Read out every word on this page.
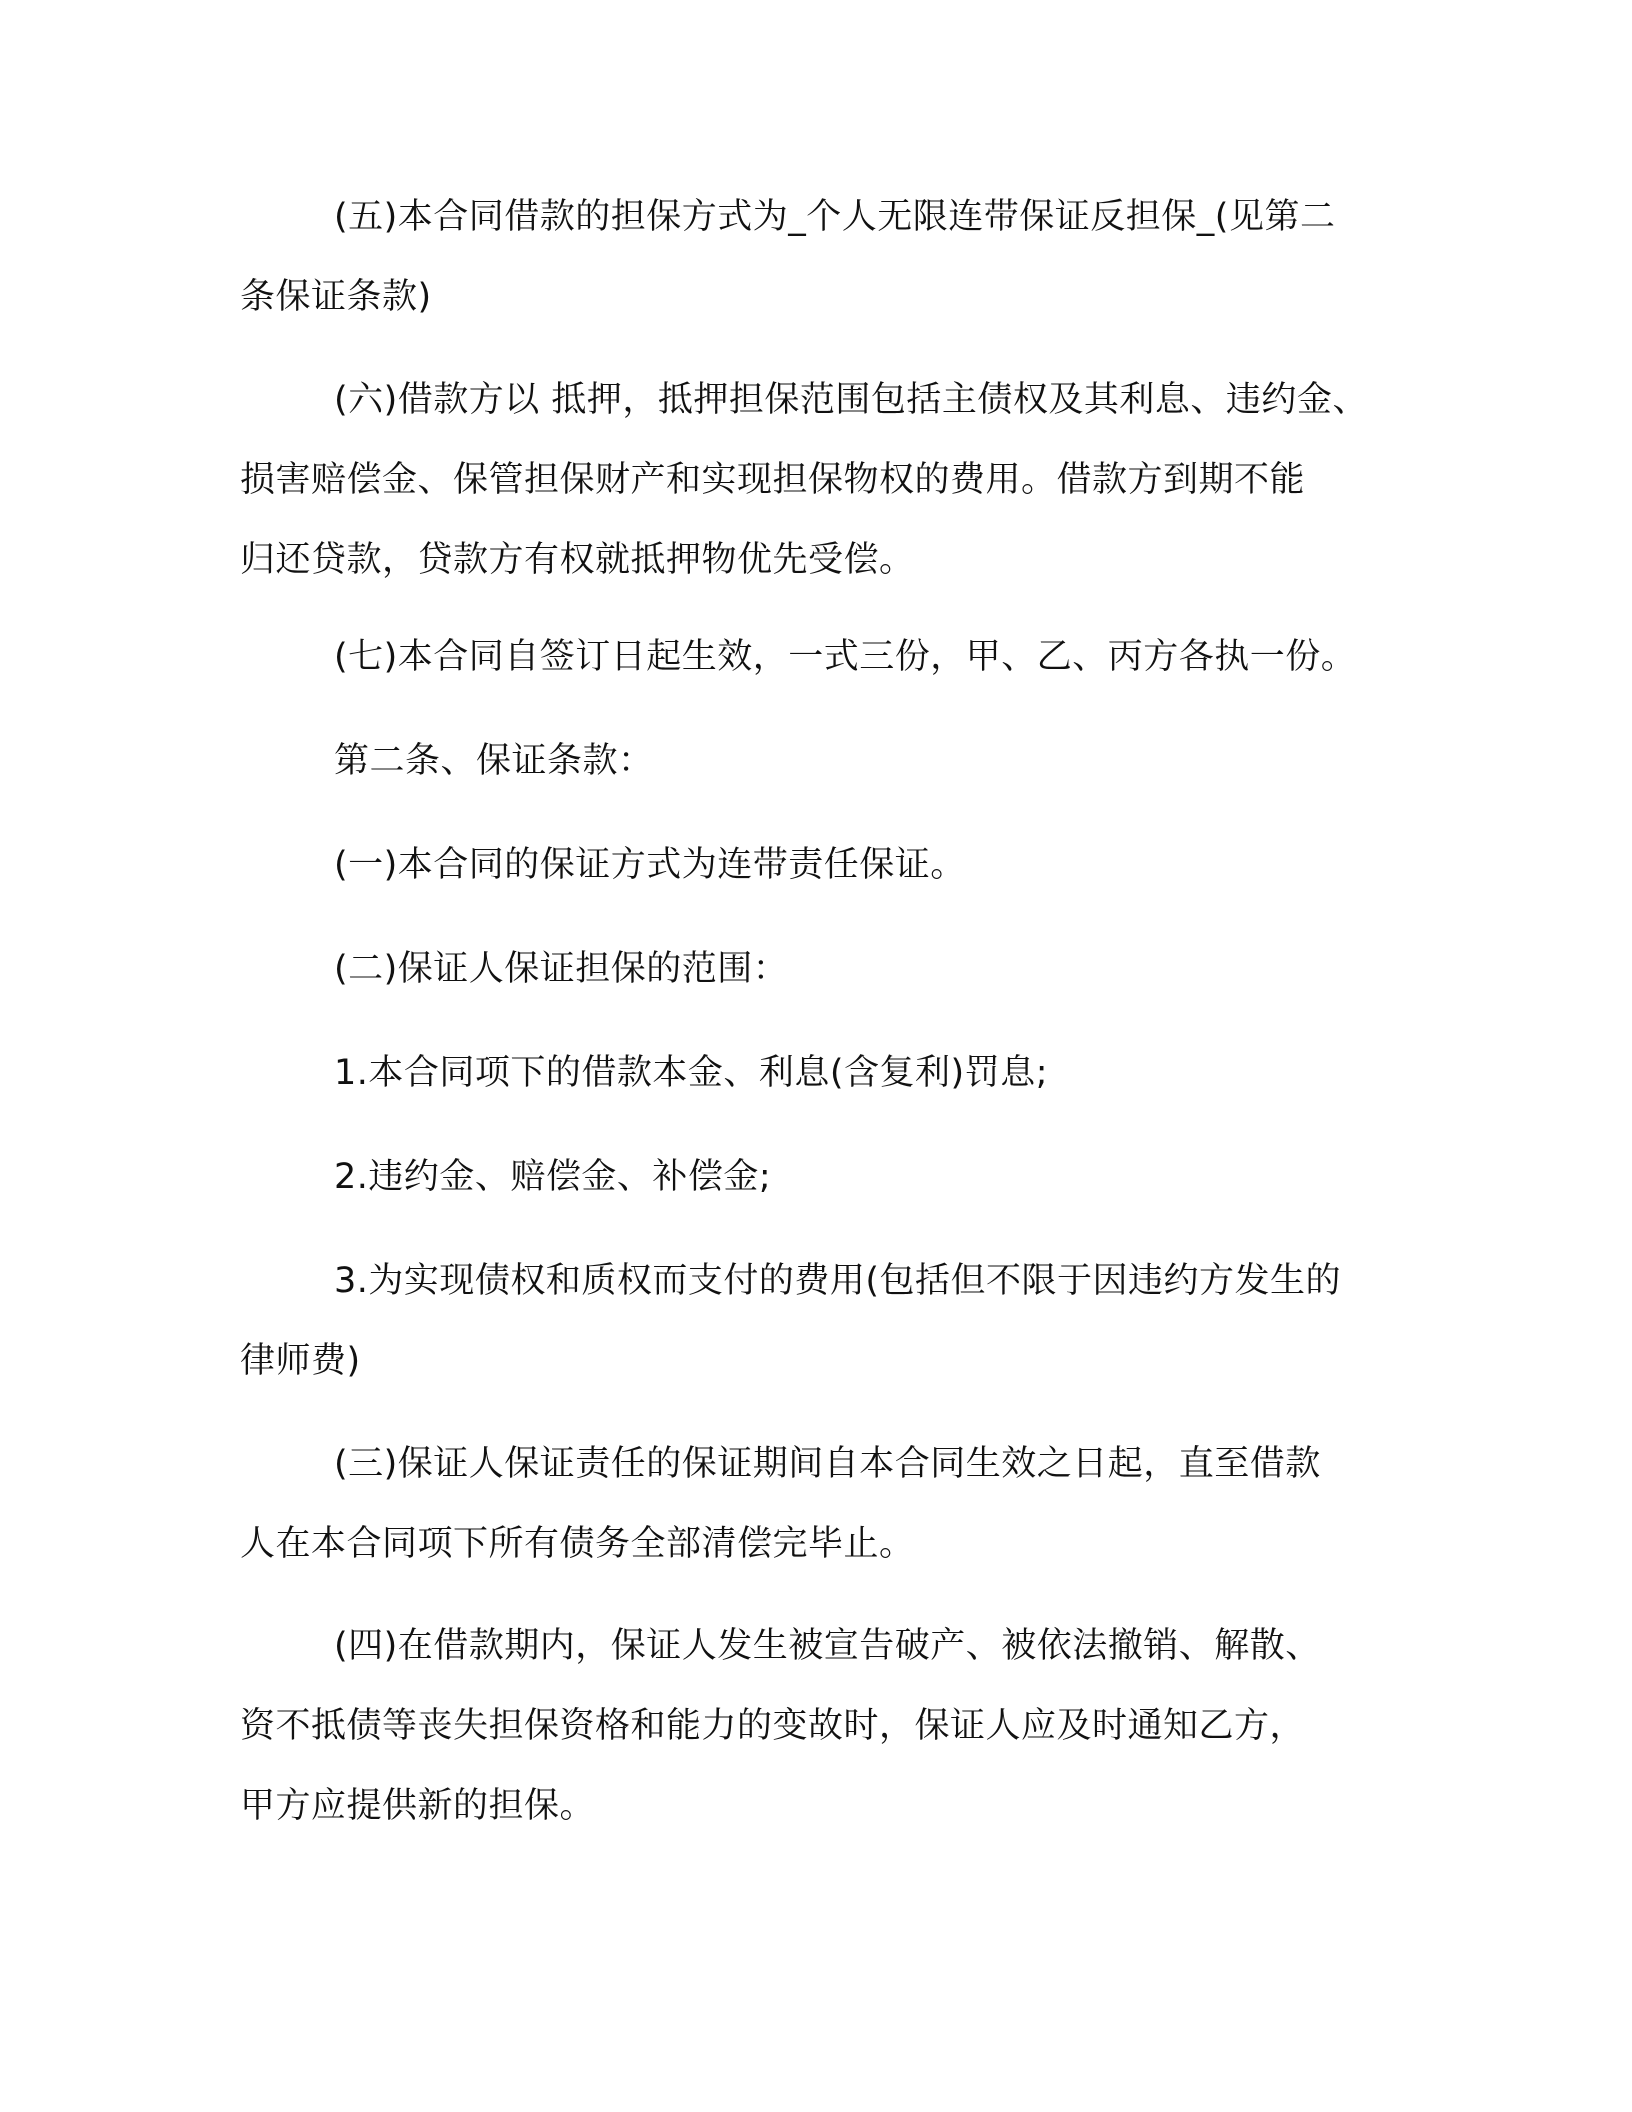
(五)本合同借款的担保方式为_个人无限连带保证反担保_(见第二
条保证条款)
(六)借款方以 抵押，抵押担保范围包括主债权及其利息、违约金、
损害赔偿金、保管担保财产和实现担保物权的费用。借款方到期不能
归还贷款，贷款方有权就抵押物优先受偿。
(七)本合同自签订日起生效，一式三份，甲、乙、丙方各执一份。
第二条、保证条款：
(一)本合同的保证方式为连带责任保证。
(二)保证人保证担保的范围：
1.本合同项下的借款本金、利息(含复利)罚息;
2.违约金、赔偿金、补偿金;
3.为实现债权和质权而支付的费用(包括但不限于因违约方发生的
律师费)
(三)保证人保证责任的保证期间自本合同生效之日起，直至借款
人在本合同项下所有债务全部清偿完毕止。
(四)在借款期内，保证人发生被宣告破产、被依法撤销、解散、
资不抵债等丧失担保资格和能力的变故时，保证人应及时通知乙方，
甲方应提供新的担保。
